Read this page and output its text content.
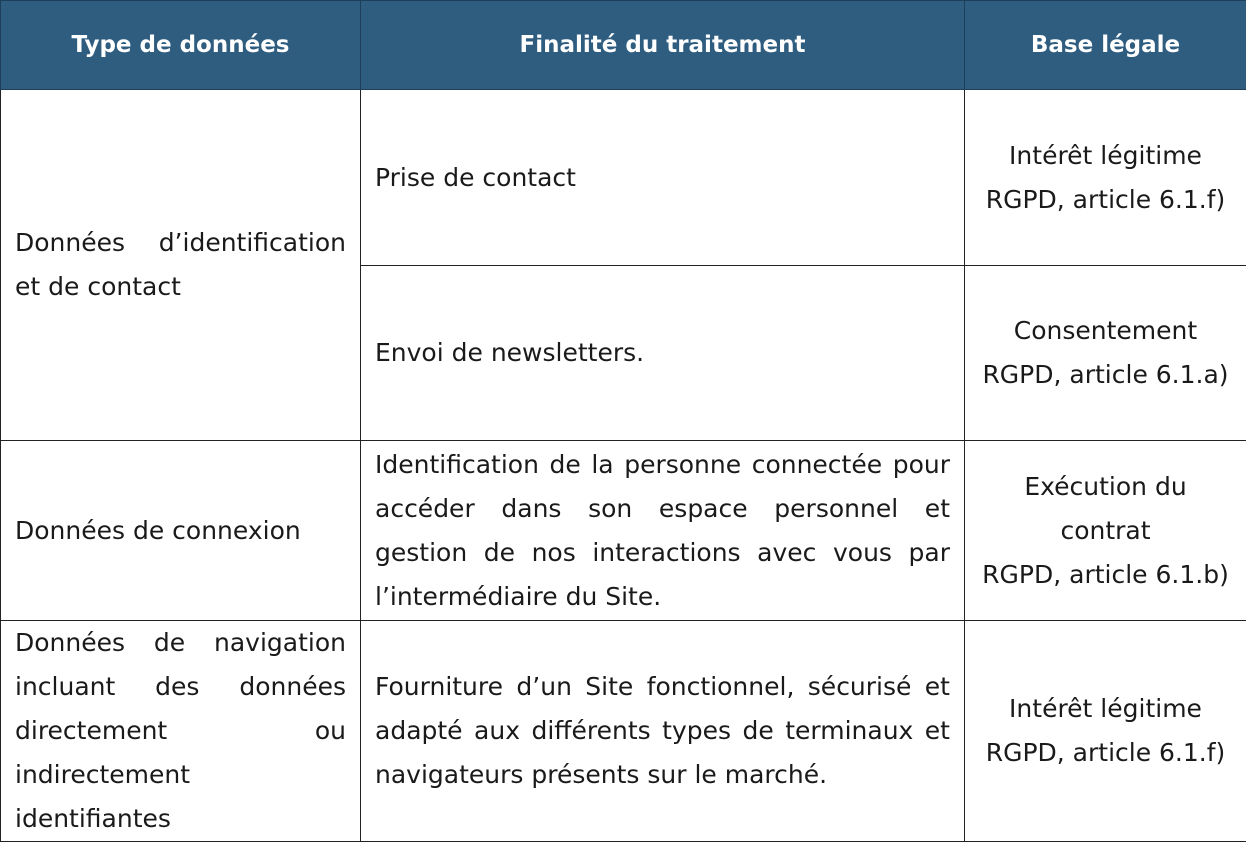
Type de données	Finalité du traitement	Base légale
Données d’identification et de contact	Prise de contact	Intérêt légitime
RGPD, article 6.1.f)

	Envoi de newsletters.	Consentement
RGPD, article 6.1.a)

Données de connexion	Identification de la personne connectée pour accéder dans son espace personnel et gestion de nos interactions avec vous par l’intermédiaire du Site.	Exécution du
contrat
RGPD, article 6.1.b)

Données de navigation incluant des données directement ou indirectement identifiantes	Fourniture d’un Site fonctionnel, sécurisé et adapté aux différents types de terminaux et navigateurs présents sur le marché.	Intérêt légitime
RGPD, article 6.1.f)
